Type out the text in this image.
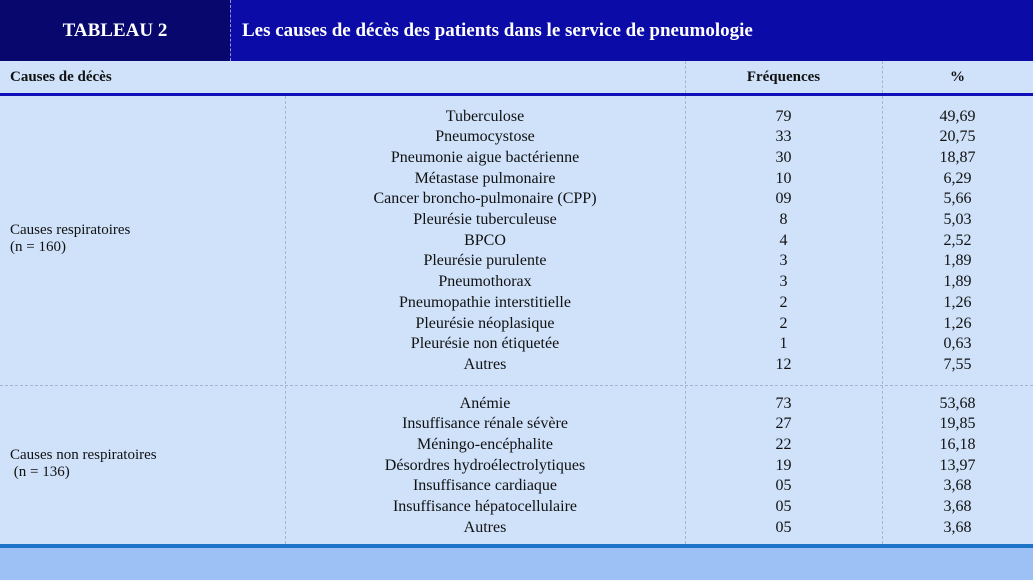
TABLEAU 2	Les causes de décès des patients dans le service de pneumologie
Causes de décès	Fréquences	%
Causes respiratoires
(n = 160)
Tuberculose	79	49,69
Pneumocystose	33	20,75
Pneumonie aigue bactérienne	30	18,87
Métastase pulmonaire	10	6,29
Cancer broncho-pulmonaire (CPP)	09	5,66
Pleurésie tuberculeuse	8	5,03
BPCO	4	2,52
Pleurésie purulente	3	1,89
Pneumothorax	3	1,89
Pneumopathie interstitielle	2	1,26
Pleurésie néoplasique	2	1,26
Pleurésie non étiquetée	1	0,63
Autres	12	7,55
Causes non respiratoires
(n = 136)
Anémie	73	53,68
Insuffisance rénale sévère	27	19,85
Méningo-encéphalite	22	16,18
Désordres hydroélectrolytiques	19	13,97
Insuffisance cardiaque	05	3,68
Insuffisance hépatocellulaire	05	3,68
Autres	05	3,68
